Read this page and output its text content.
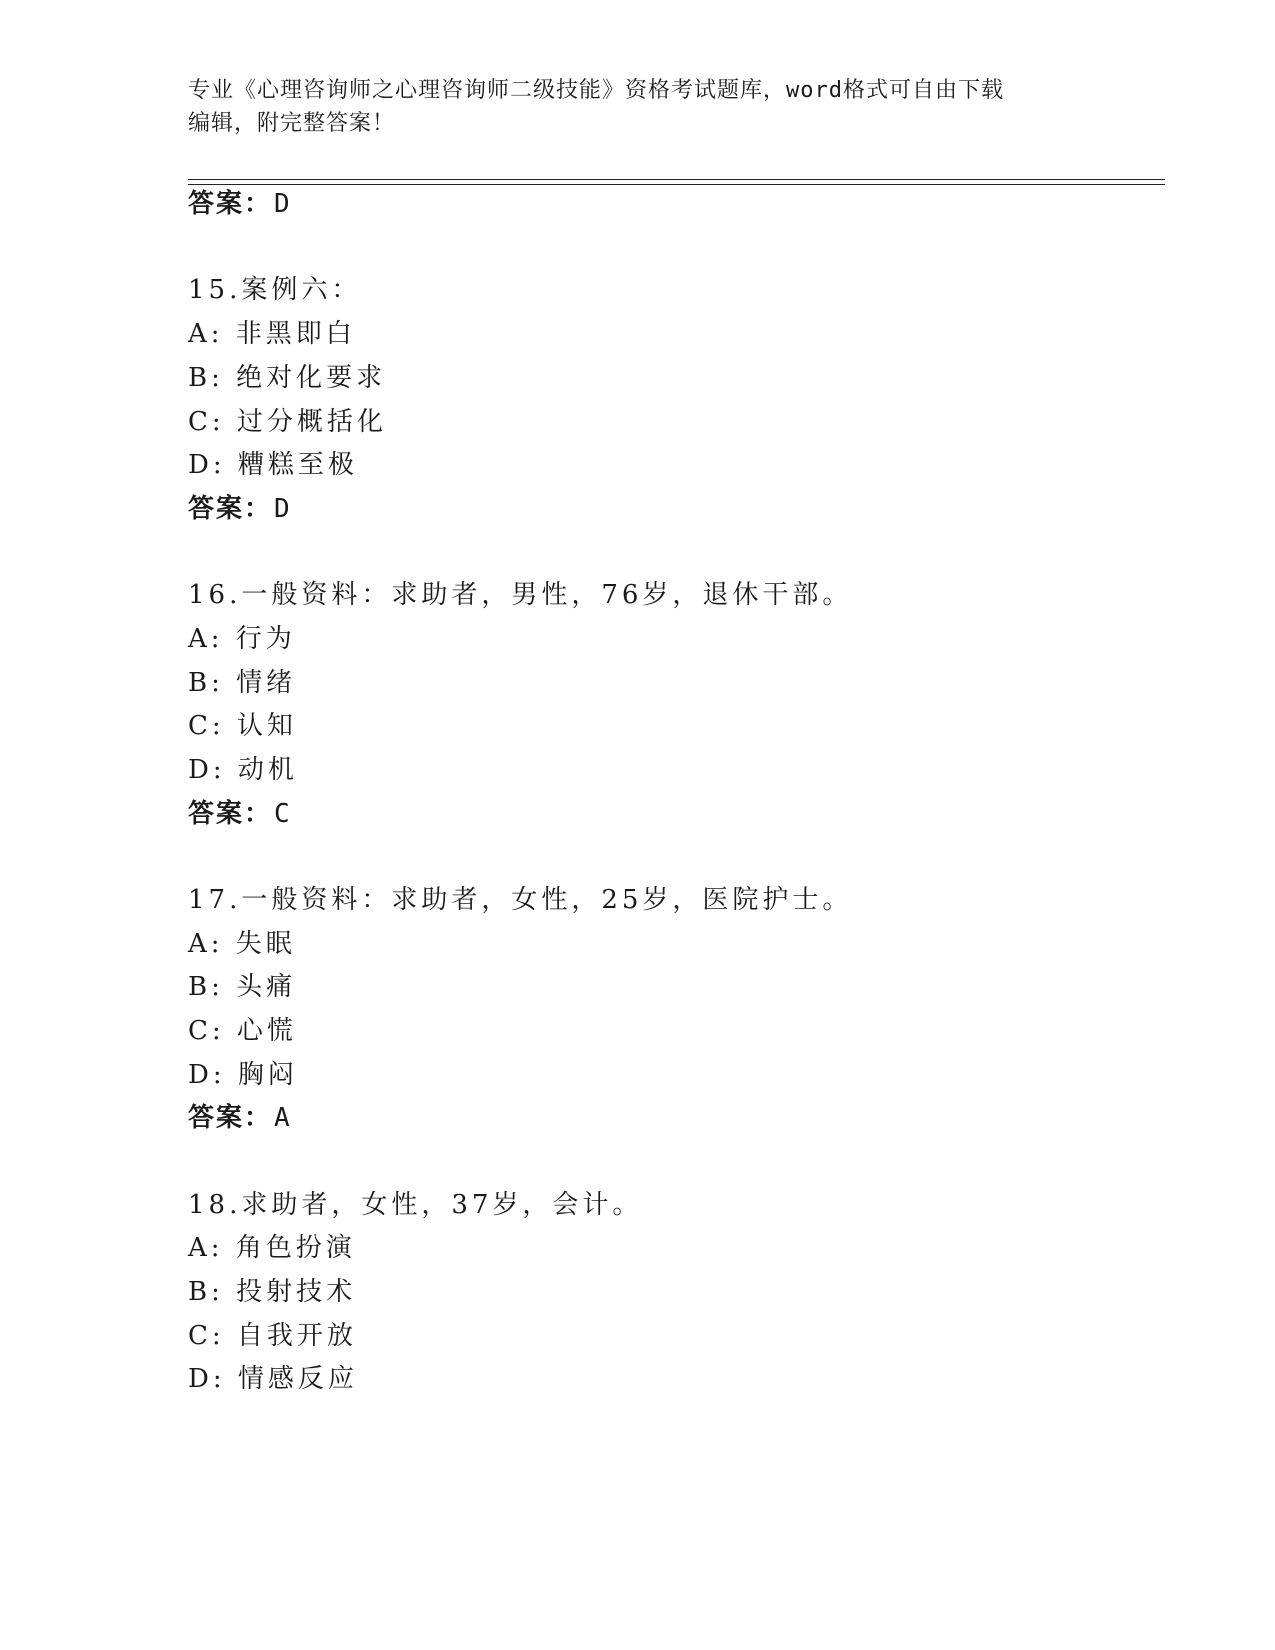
专业《心理咨询师之心理咨询师二级技能》资格考试题库，word格式可自由下载
编辑，附完整答案！
答案：D
15.案例六：
A: 非黑即白
B: 绝对化要求
C: 过分概括化
D: 糟糕至极
答案：D
16.一般资料：求助者，男性，76岁，退休干部。
A: 行为
B: 情绪
C: 认知
D: 动机
答案：C
17.一般资料：求助者，女性，25岁，医院护士。
A: 失眠
B: 头痛
C: 心慌
D: 胸闷
答案：A
18.求助者，女性，37岁，会计。
A: 角色扮演
B: 投射技术
C: 自我开放
D: 情感反应
